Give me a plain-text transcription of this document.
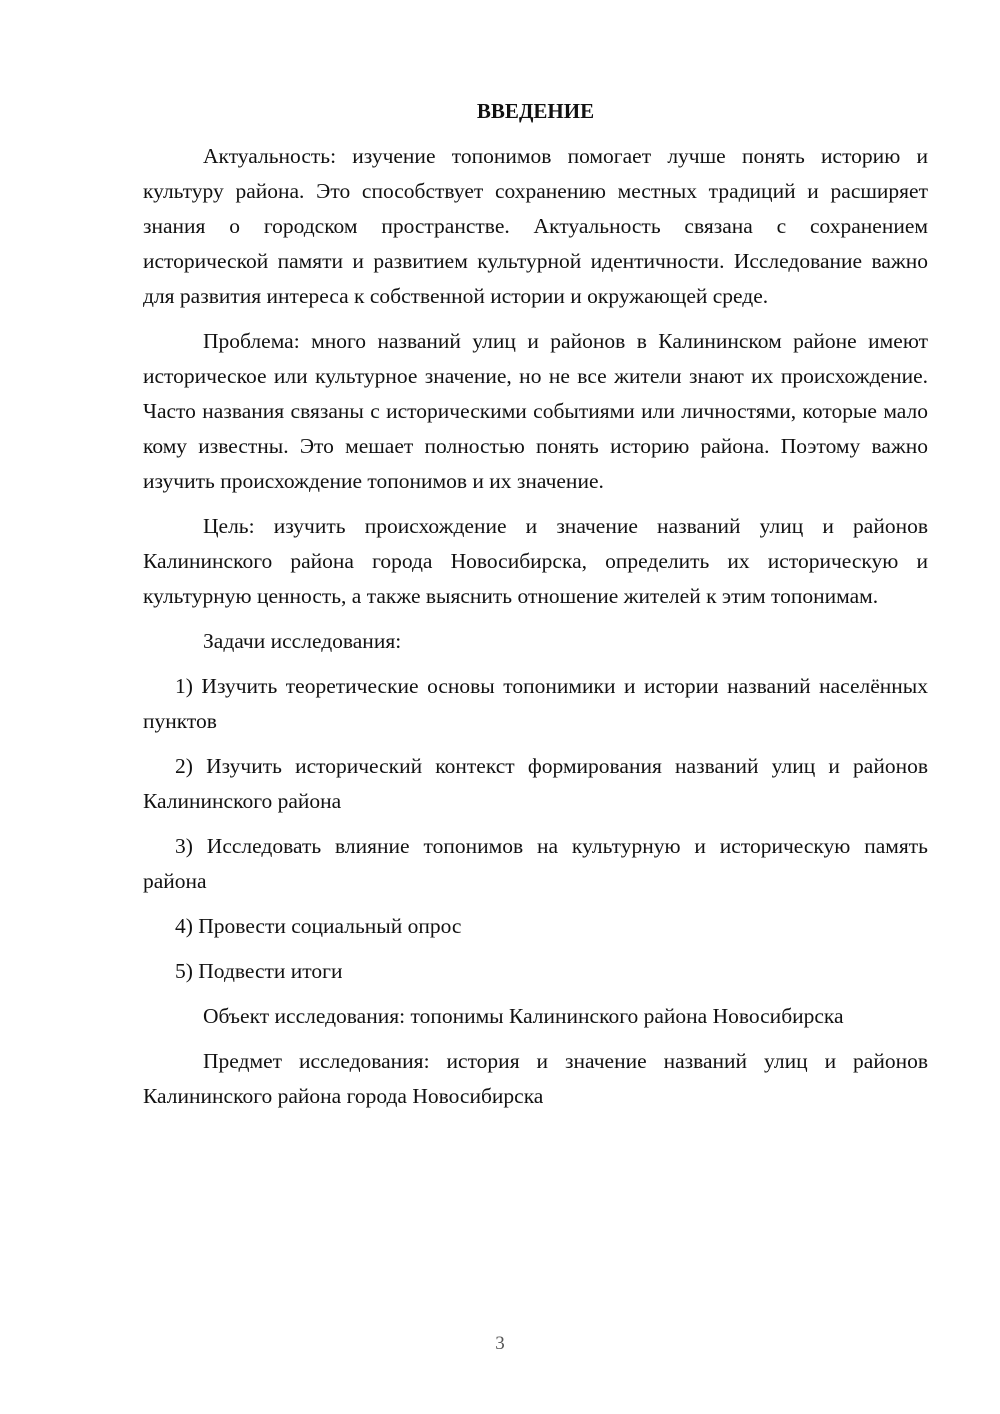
ВВЕДЕНИЕ

Актуальность: изучение топонимов помогает лучше понять историю и культуру района. Это способствует сохранению местных традиций и расширяет знания о городском пространстве. Актуальность связана с сохранением исторической памяти и развитием культурной идентичности. Исследование важно для развития интереса к собственной истории и окружающей среде.

Проблема: много названий улиц и районов в Калининском районе имеют историческое или культурное значение, но не все жители знают их происхождение. Часто названия связаны с историческими событиями или личностями, которые мало кому известны. Это мешает полностью понять историю района. Поэтому важно изучить происхождение топонимов и их значение.

Цель: изучить происхождение и значение названий улиц и районов Калининского района города Новосибирска, определить их историческую и культурную ценность, а также выяснить отношение жителей к этим топонимам.

Задачи исследования:

1) Изучить теоретические основы топонимики и истории названий населённых пунктов

2) Изучить исторический контекст формирования названий улиц и районов Калининского района

3) Исследовать влияние топонимов на культурную и историческую память района

4) Провести социальный опрос

5) Подвести итоги

Объект исследования: топонимы Калининского района Новосибирска

Предмет исследования: история и значение названий улиц и районов Калининского района города Новосибирска

3
